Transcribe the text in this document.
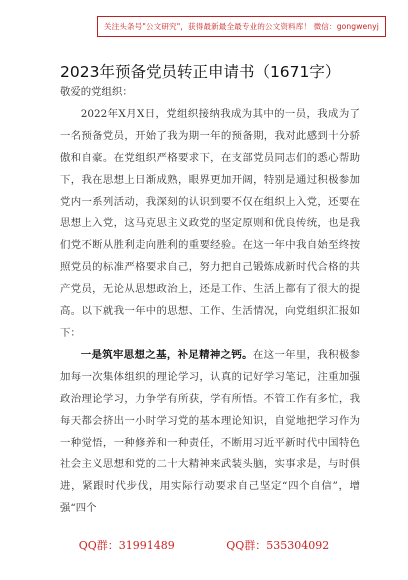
关注头条号"公文研究"，获得最新最全最专业的公文资料库！ 微信：gongwenyj
2023年预备党员转正申请书（1671字）

敬爱的党组织：

2022年X月X日，党组织接纳我成为其中的一员，我成为了一名预备党员，开始了我为期一年的预备期，我对此感到十分骄傲和自豪。在党组织严格要求下，在支部党员同志们的悉心帮助下，我在思想上日渐成熟，眼界更加开阔，特别是通过积极参加党内一系列活动，我深刻的认识到要不仅在组织上入党，还要在思想上入党，这马克思主义政党的坚定原则和优良传统，也是我们党不断从胜利走向胜利的重要经验。在这一年中我自始至终按照党员的标准严格要求自己，努力把自己锻炼成新时代合格的共产党员，无论从思想政治上，还是工作、生活上都有了很大的提高。以下就我一年中的思想、工作、生活情况，向党组织汇报如下：

一是筑牢思想之基，补足精神之钙。在这一年里，我积极参加每一次集体组织的理论学习，认真的记好学习笔记，注重加强政治理论学习，力争学有所获，学有所悟。不管工作有多忙，我每天都会挤出一小时学习党的基本理论知识，自觉地把学习作为一种觉悟，一种修养和一种责任，不断用习近平新时代中国特色社会主义思想和党的二十大精神来武装头脑，实事求是，与时俱进，紧跟时代步伐，用实际行动要求自己坚定“四个自信”，增强“四个

QQ群：31991489 QQ群：535304092
